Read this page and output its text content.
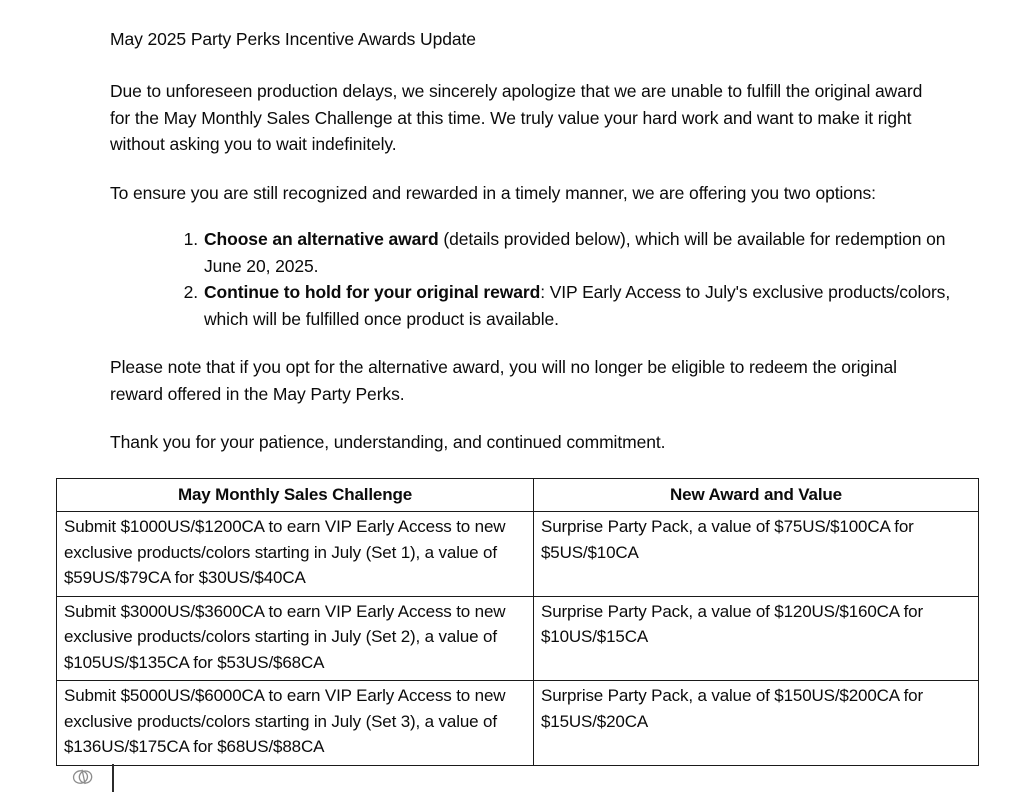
May 2025 Party Perks Incentive Awards Update

Due to unforeseen production delays, we sincerely apologize that we are unable to fulfill the original award for the May Monthly Sales Challenge at this time. We truly value your hard work and want to make it right without asking you to wait indefinitely.

To ensure you are still recognized and rewarded in a timely manner, we are offering you two options:

Choose an alternative award (details provided below), which will be available for redemption on June 20, 2025.
Continue to hold for your original reward: VIP Early Access to July's exclusive products/colors, which will be fulfilled once product is available.

Please note that if you opt for the alternative award, you will no longer be eligible to redeem the original reward offered in the May Party Perks.

Thank you for your patience, understanding, and continued commitment.

May Monthly Sales Challenge	New Award and Value
Submit $1000US/$1200CA to earn VIP Early Access to new exclusive products/colors starting in July (Set 1), a value of $59US/$79CA for $30US/$40CA	Surprise Party Pack, a value of $75US/$100CA for $5US/$10CA
Submit $3000US/$3600CA to earn VIP Early Access to new exclusive products/colors starting in July (Set 2), a value of $105US/$135CA for $53US/$68CA	Surprise Party Pack, a value of $120US/$160CA for $10US/$15CA
Submit $5000US/$6000CA to earn VIP Early Access to new exclusive products/colors starting in July (Set 3), a value of $136US/$175CA for $68US/$88CA	Surprise Party Pack, a value of $150US/$200CA for $15US/$20CA
